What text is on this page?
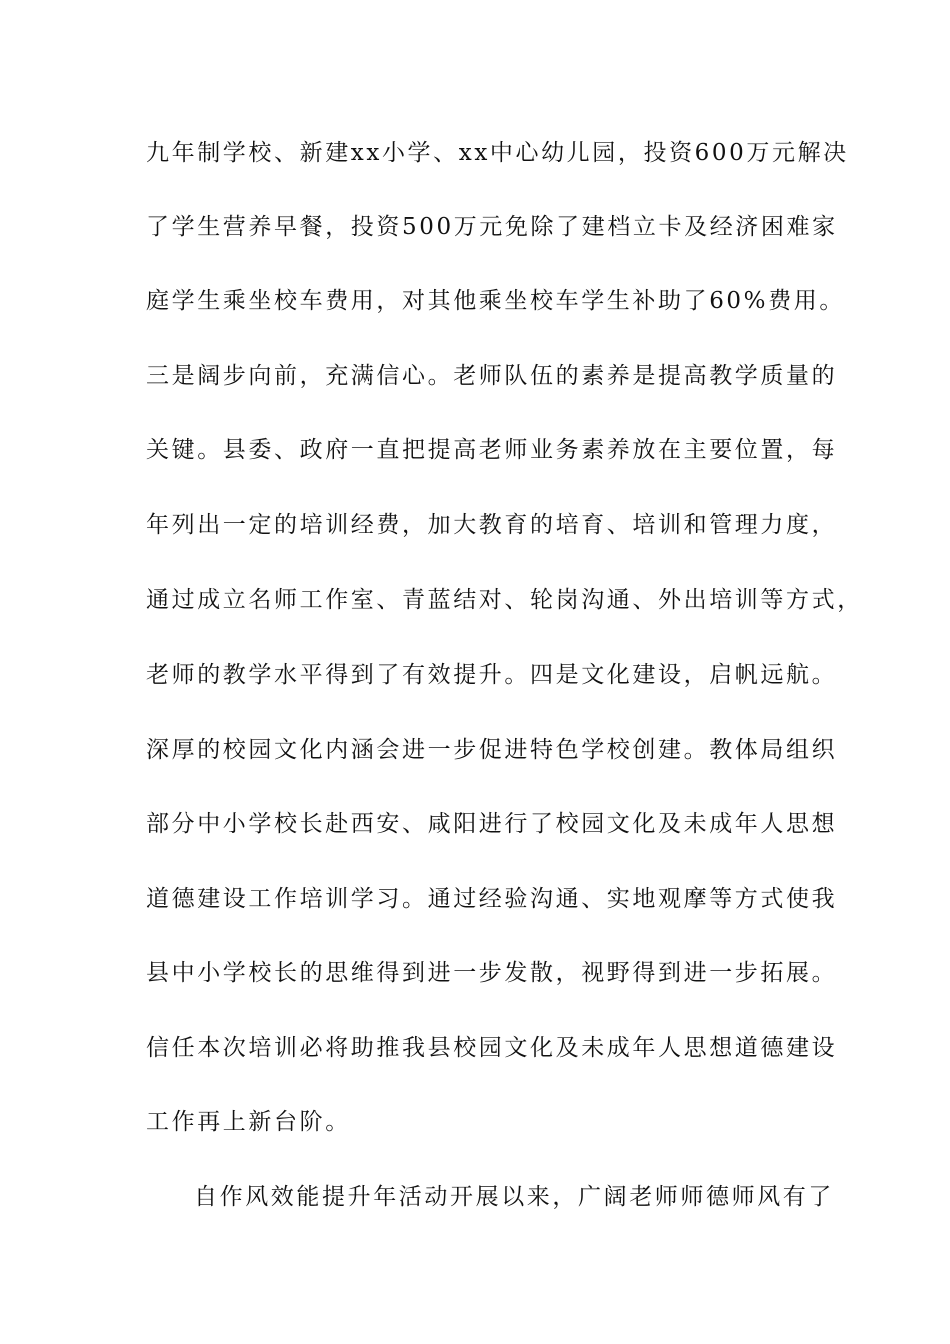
九年制学校、新建xx小学、xx中心幼儿园，投资600万元解决
了学生营养早餐，投资500万元免除了建档立卡及经济困难家
庭学生乘坐校车费用，对其他乘坐校车学生补助了60%费用。
三是阔步向前，充满信心。老师队伍的素养是提高教学质量的
关键。县委、政府一直把提高老师业务素养放在主要位置，每
年列出一定的培训经费，加大教育的培育、培训和管理力度，
通过成立名师工作室、青蓝结对、轮岗沟通、外出培训等方式，
老师的教学水平得到了有效提升。四是文化建设，启帆远航。
深厚的校园文化内涵会进一步促进特色学校创建。教体局组织
部分中小学校长赴西安、咸阳进行了校园文化及未成年人思想
道德建设工作培训学习。通过经验沟通、实地观摩等方式使我
县中小学校长的思维得到进一步发散，视野得到进一步拓展。
信任本次培训必将助推我县校园文化及未成年人思想道德建设
工作再上新台阶。
自作风效能提升年活动开展以来，广阔老师师德师风有了
